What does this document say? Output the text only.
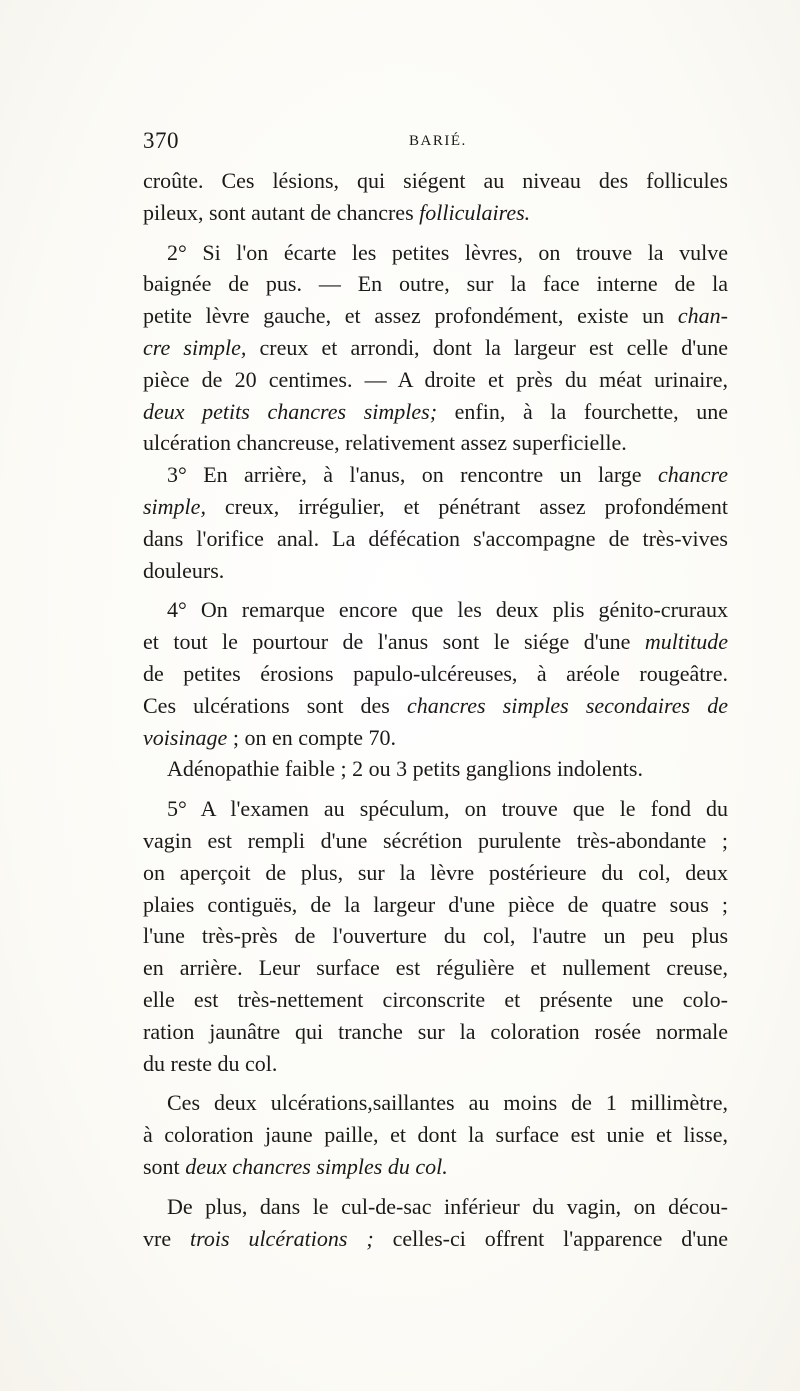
370	BARIÉ.

croûte. Ces lésions, qui siégent au niveau des follicules

pileux, sont autant de chancres folliculaires.

2° Si l'on écarte les petites lèvres, on trouve la vulve

baignée de pus. — En outre, sur la face interne de la

petite lèvre gauche, et assez profondément, existe un chan-

cre simple, creux et arrondi, dont la largeur est celle d'une

pièce de 20 centimes. — A droite et près du méat urinaire,

deux petits chancres simples; enfin, à la fourchette, une

ulcération chancreuse, relativement assez superficielle.

3° En arrière, à l'anus, on rencontre un large chancre

simple, creux, irrégulier, et pénétrant assez profondément

dans l'orifice anal. La défécation s'accompagne de très-vives

douleurs.

4° On remarque encore que les deux plis génito-cruraux

et tout le pourtour de l'anus sont le siége d'une multitude

de petites érosions papulo-ulcéreuses, à aréole rougeâtre.

Ces ulcérations sont des chancres simples secondaires de

voisinage ; on en compte 70.

Adénopathie faible ; 2 ou 3 petits ganglions indolents.

5° A l'examen au spéculum, on trouve que le fond du

vagin est rempli d'une sécrétion purulente très-abondante ;

on aperçoit de plus, sur la lèvre postérieure du col, deux

plaies contiguës, de la largeur d'une pièce de quatre sous ;

l'une très-près de l'ouverture du col, l'autre un peu plus

en arrière. Leur surface est régulière et nullement creuse,

elle est très-nettement circonscrite et présente une colo-

ration jaunâtre qui tranche sur la coloration rosée normale

du reste du col.

Ces deux ulcérations,saillantes au moins de 1 millimètre,

à coloration jaune paille, et dont la surface est unie et lisse,

sont deux chancres simples du col.

De plus, dans le cul-de-sac inférieur du vagin, on décou-

vre trois ulcérations ; celles-ci offrent l'apparence d'une
